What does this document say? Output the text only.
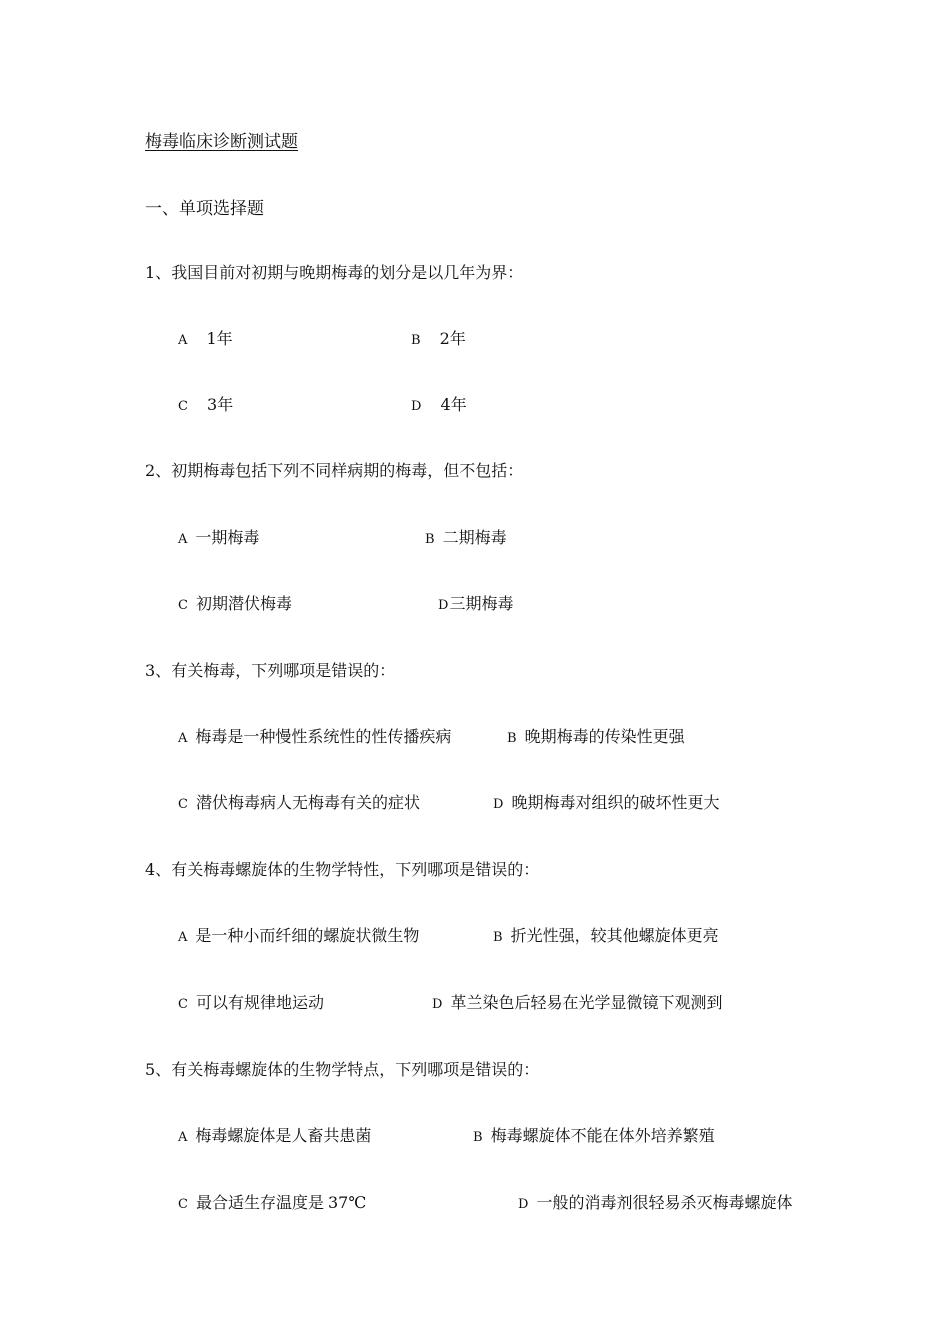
梅毒临床诊断测试题
一、单项选择题
1、我国目前对初期与晚期梅毒的划分是以几年为界：
A 1年	B 2年
C 3年	D 4年
2、初期梅毒包括下列不同样病期的梅毒，但不包括：
A 一期梅毒	B 二期梅毒
C 初期潜伏梅毒	D三期梅毒
3、有关梅毒，下列哪项是错误的：
A 梅毒是一种慢性系统性的性传播疾病	B 晚期梅毒的传染性更强
C 潜伏梅毒病人无梅毒有关的症状	D 晚期梅毒对组织的破坏性更大
4、有关梅毒螺旋体的生物学特性，下列哪项是错误的：
A 是一种小而纤细的螺旋状微生物	B 折光性强，较其他螺旋体更亮
C 可以有规律地运动	D 革兰染色后轻易在光学显微镜下观测到
5、有关梅毒螺旋体的生物学特点，下列哪项是错误的：
A 梅毒螺旋体是人畜共患菌	B 梅毒螺旋体不能在体外培养繁殖
C 最合适生存温度是 37℃	D 一般的消毒剂很轻易杀灭梅毒螺旋体
